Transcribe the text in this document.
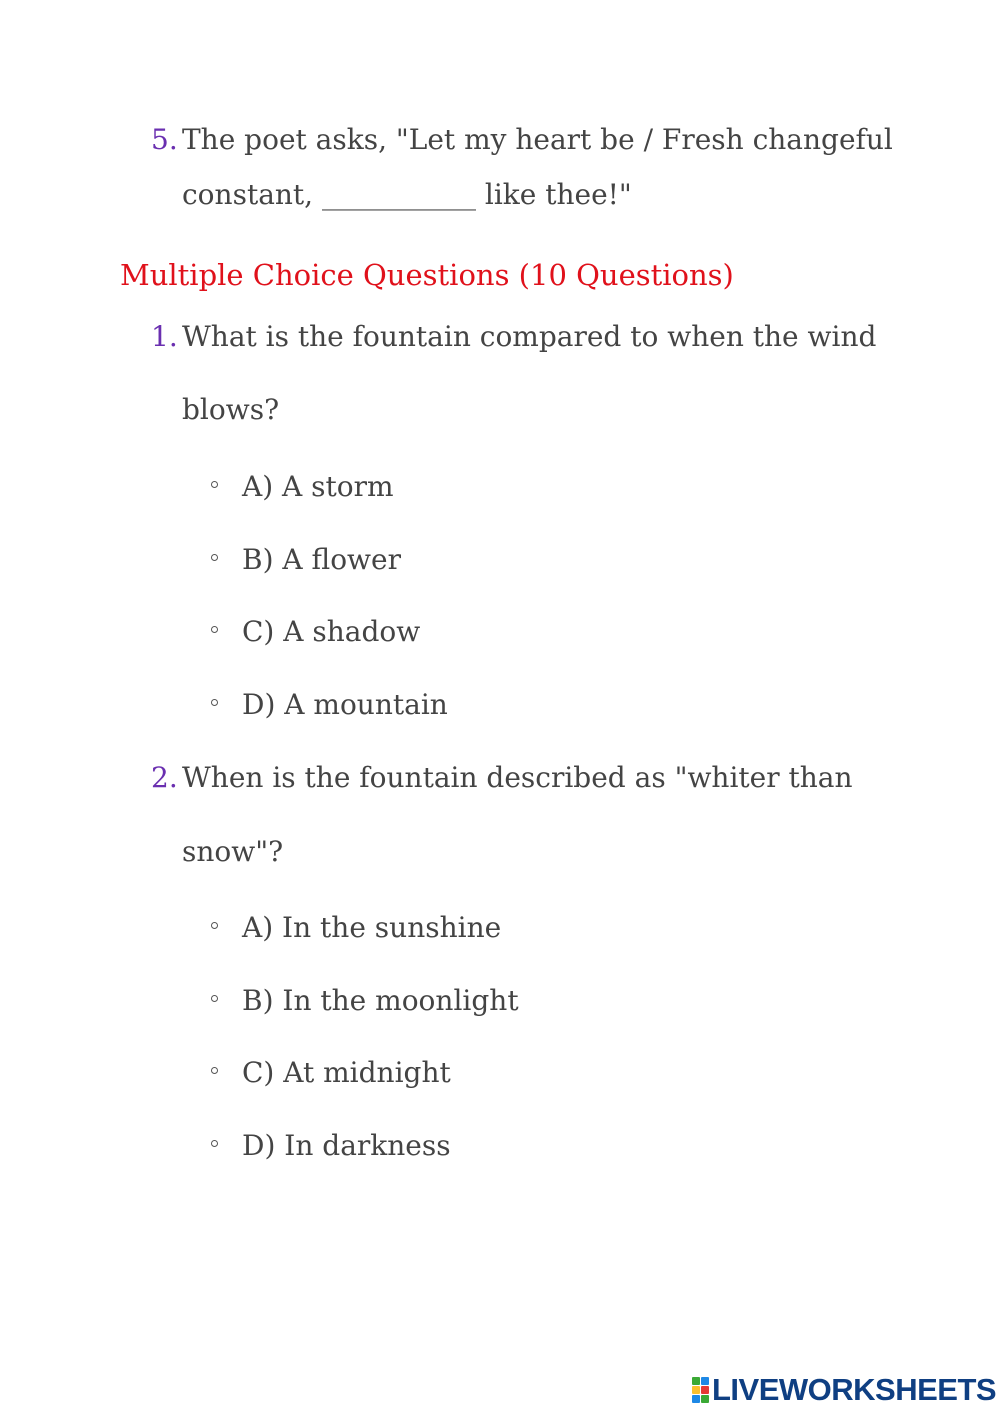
5. The poet asks, "Let my heart be / Fresh changeful
constant, ___________ like thee!"
Multiple Choice Questions (10 Questions)
1. What is the fountain compared to when the wind
blows?
A) A storm
B) A flower
C) A shadow
D) A mountain
2. When is the fountain described as "whiter than
snow"?
A) In the sunshine
B) In the moonlight
C) At midnight
D) In darkness
LIVEWORKSHEETS
